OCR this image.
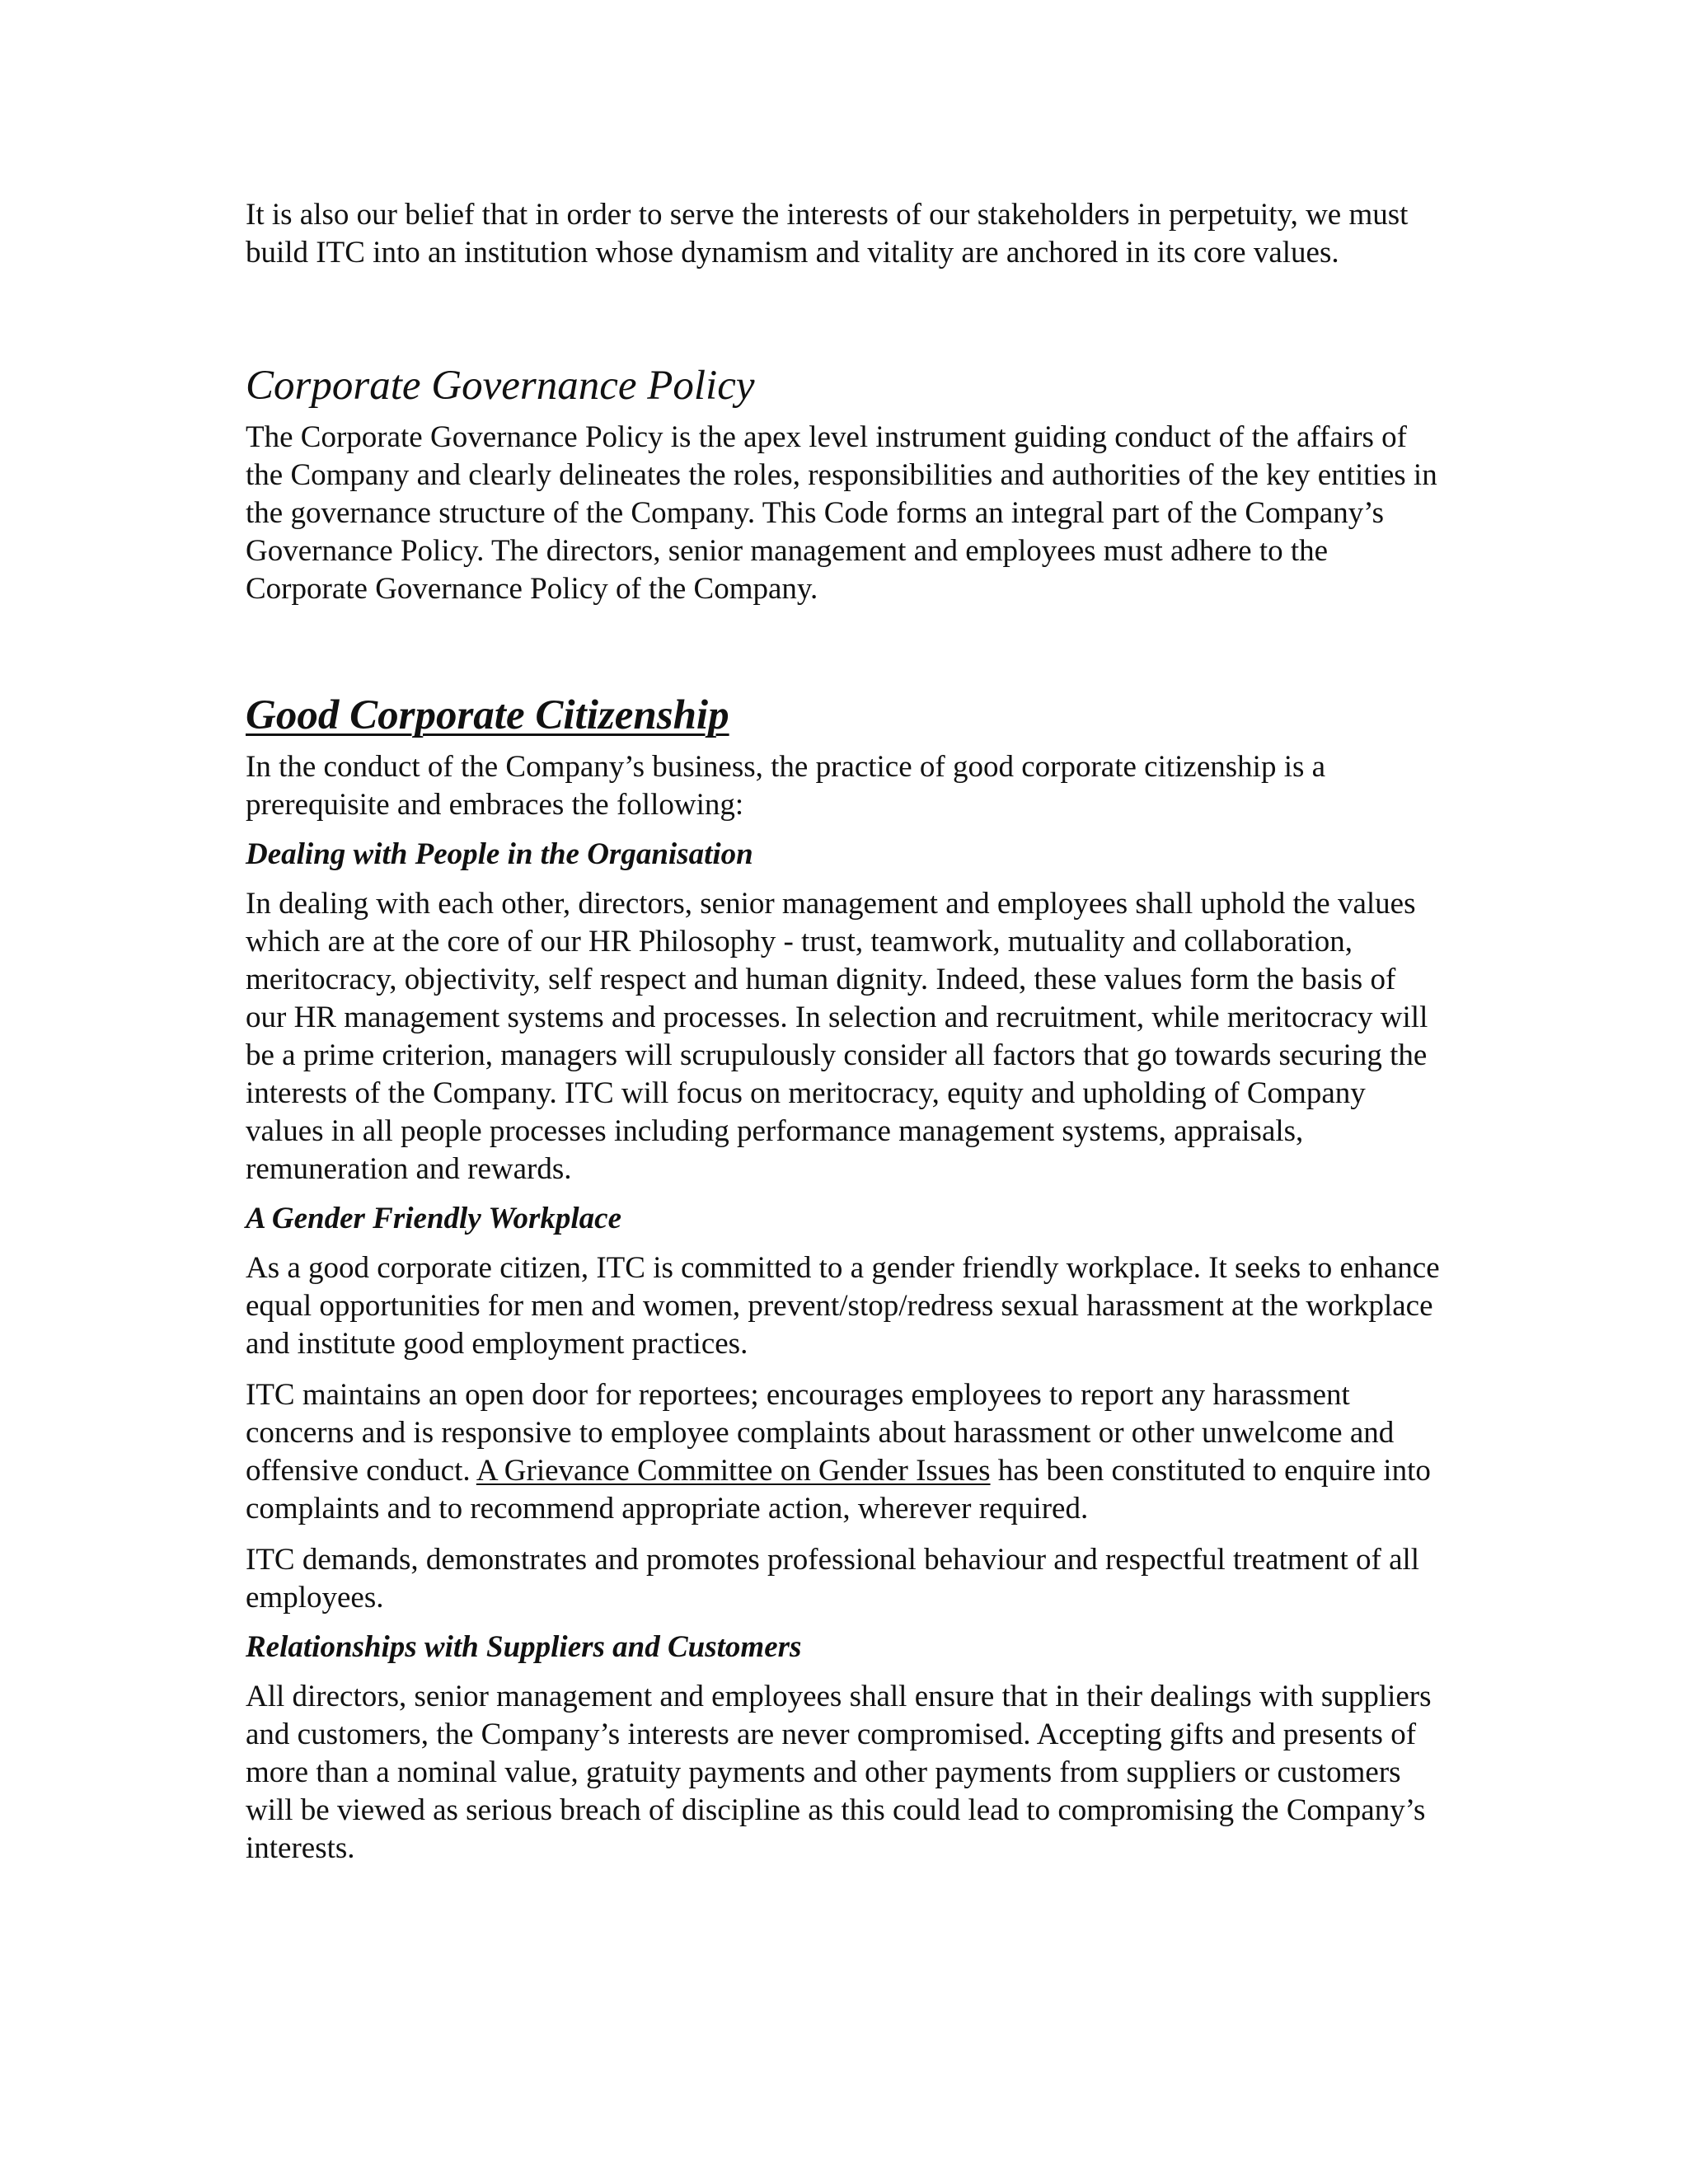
It is also our belief that in order to serve the interests of our stakeholders in perpetuity, we must build ITC into an institution whose dynamism and vitality are anchored in its core values.

Corporate Governance Policy

The Corporate Governance Policy is the apex level instrument guiding conduct of the affairs of the Company and clearly delineates the roles, responsibilities and authorities of the key entities in the governance structure of the Company. This Code forms an integral part of the Company’s Governance Policy. The directors, senior management and employees must adhere to the Corporate Governance Policy of the Company.

Good Corporate Citizenship

In the conduct of the Company’s business, the practice of good corporate citizenship is a prerequisite and embraces the following:

Dealing with People in the Organisation

In dealing with each other, directors, senior management and employees shall uphold the values which are at the core of our HR Philosophy - trust, teamwork, mutuality and collaboration, meritocracy, objectivity, self respect and human dignity. Indeed, these values form the basis of our HR management systems and processes. In selection and recruitment, while meritocracy will be a prime criterion, managers will scrupulously consider all factors that go towards securing the interests of the Company. ITC will focus on meritocracy, equity and upholding of Company values in all people processes including performance management systems, appraisals, remuneration and rewards.

A Gender Friendly Workplace

As a good corporate citizen, ITC is committed to a gender friendly workplace. It seeks to enhance equal opportunities for men and women, prevent/stop/redress sexual harassment at the workplace and institute good employment practices.

ITC maintains an open door for reportees; encourages employees to report any harassment concerns and is responsive to employee complaints about harassment or other unwelcome and offensive conduct. A Grievance Committee on Gender Issues has been constituted to enquire into complaints and to recommend appropriate action, wherever required.

ITC demands, demonstrates and promotes professional behaviour and respectful treatment of all employees.

Relationships with Suppliers and Customers

All directors, senior management and employees shall ensure that in their dealings with suppliers and customers, the Company’s interests are never compromised. Accepting gifts and presents of more than a nominal value, gratuity payments and other payments from suppliers or customers will be viewed as serious breach of discipline as this could lead to compromising the Company’s interests.
